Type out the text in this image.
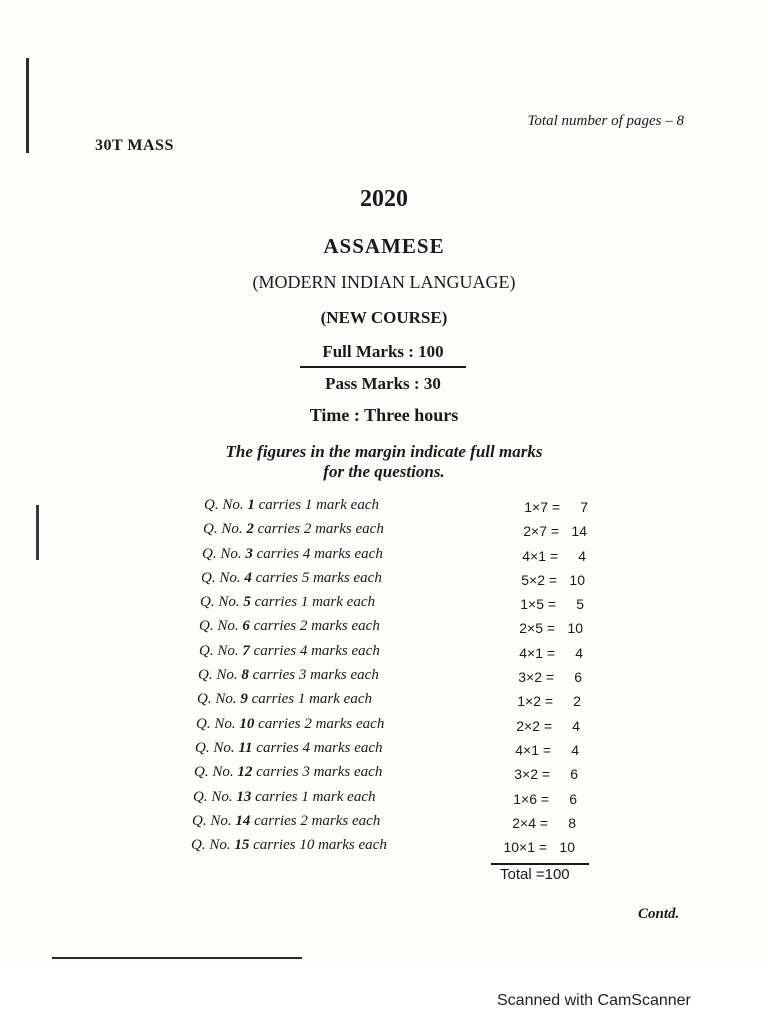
Total number of pages – 8
30T MASS
2020
ASSAMESE
(MODERN INDIAN LANGUAGE)
(NEW COURSE)
Full Marks : 100
Pass Marks : 30
Time : Three hours
The figures in the margin indicate full marks
for the questions.
Q. No. 1 carries 1 mark each	1×7 = 7
Q. No. 2 carries 2 marks each	2×7 = 14
Q. No. 3 carries 4 marks each	4×1 = 4
Q. No. 4 carries 5 marks each	5×2 = 10
Q. No. 5 carries 1 mark each	1×5 = 5
Q. No. 6 carries 2 marks each	2×5 = 10
Q. No. 7 carries 4 marks each	4×1 = 4
Q. No. 8 carries 3 marks each	3×2 = 6
Q. No. 9 carries 1 mark each	1×2 = 2
Q. No. 10 carries 2 marks each	2×2 = 4
Q. No. 11 carries 4 marks each	4×1 = 4
Q. No. 12 carries 3 marks each	3×2 = 6
Q. No. 13 carries 1 mark each	1×6 = 6
Q. No. 14 carries 2 marks each	2×4 = 8
Q. No. 15 carries 10 marks each	10×1 = 10
Total =100
Contd.
Scanned with CamScanner
